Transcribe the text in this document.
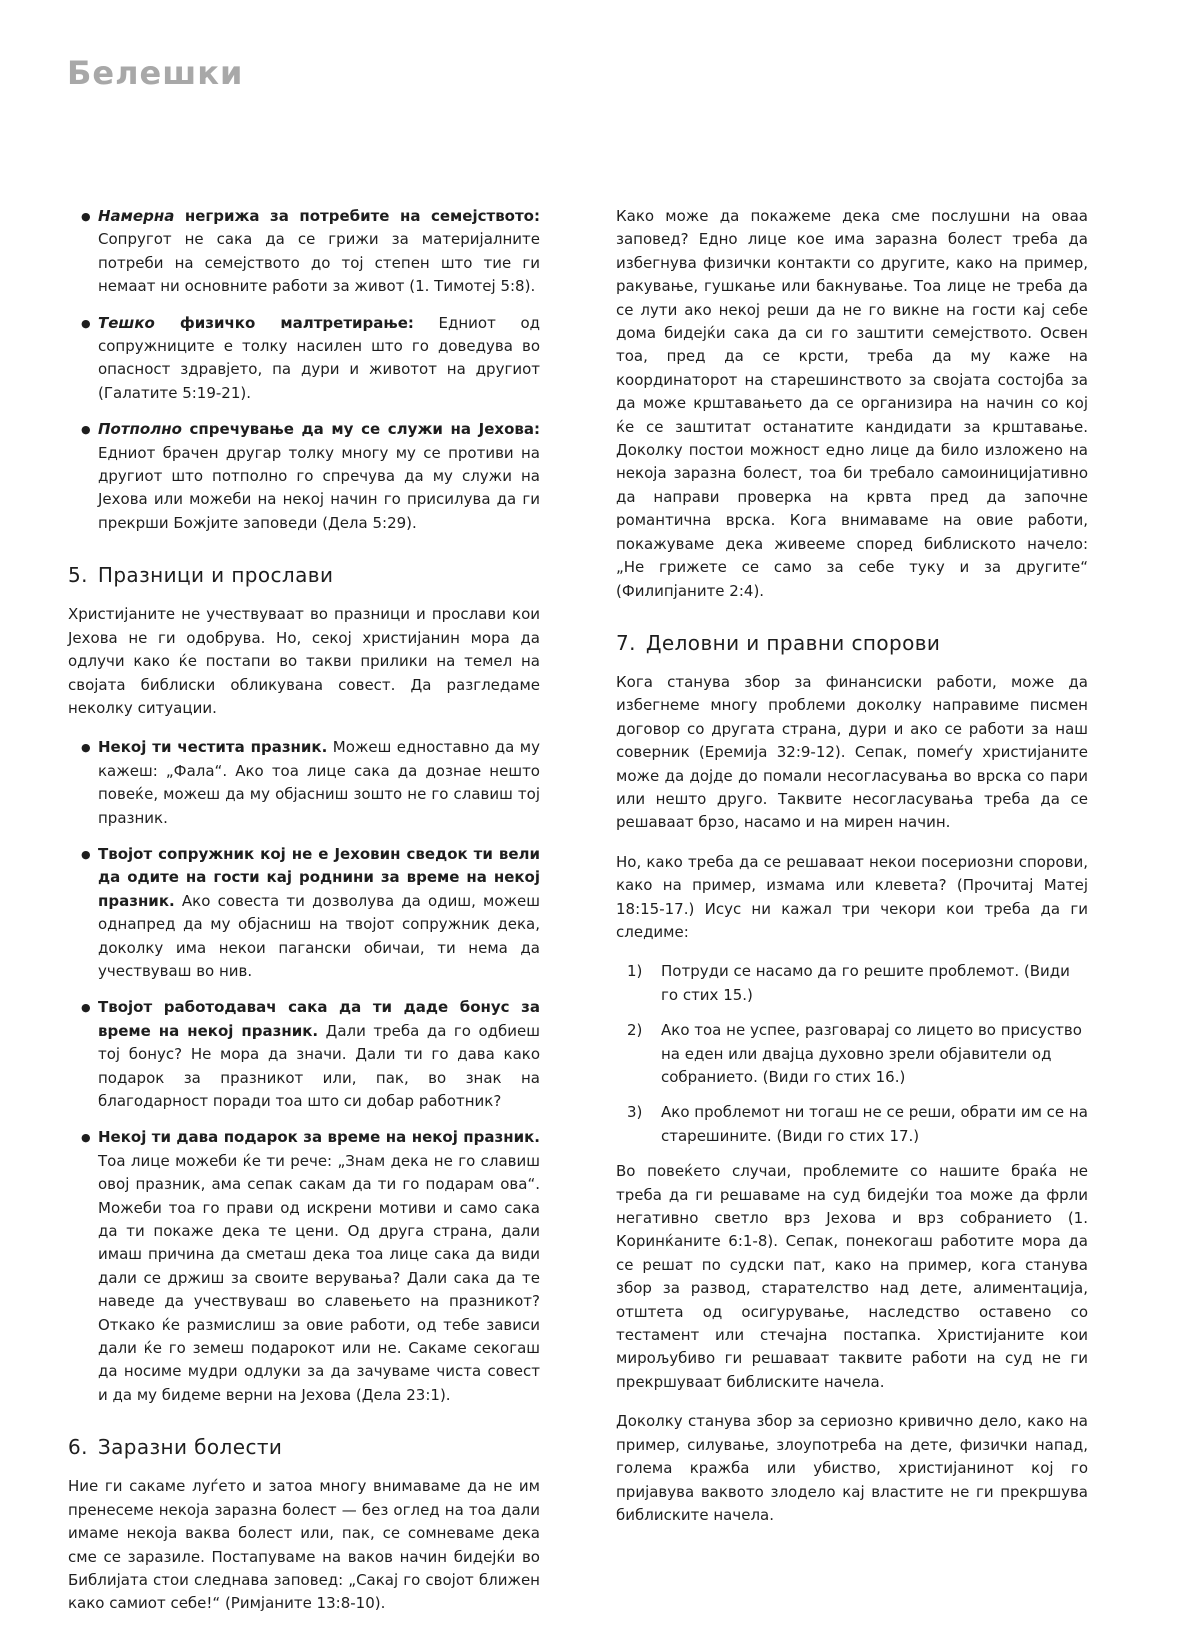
Белешки
● Намерна негрижа за потребите на семејството: Сопругот не сака да се грижи за материјалните потреби на семејството до тој степен што тие ги немаат ни основните работи за живот (1. Тимотеј 5:8).
● Тешко физичко малтретирање: Едниот од сопружниците е толку насилен што го доведува во опасност здравјето, па дури и животот на другиот (Галатите 5:19-21).
● Потполно спречување да му се служи на Јехова: Едниот брачен другар толку многу му се противи на другиот што потполно го спречува да му служи на Јехова или можеби на некој начин го присилува да ги прекрши Божјите заповеди (Дела 5:29).
5. Празници и прослави

Христијаните не учествуваат во празници и прослави кои Јехова не ги одобрува. Но, секој христијанин мора да одлучи како ќе постапи во такви прилики на темел на својата библиски обликувана совест. Да разгледаме неколку ситуации.

● Некој ти честита празник. Можеш едноставно да му кажеш: „Фала“. Ако тоа лице сака да дознае нешто повеќе, можеш да му објасниш зошто не го славиш тој празник.
● Твојот сопружник кој не е Јеховин сведок ти вели да одите на гости кај роднини за време на некој празник. Ако совеста ти дозволува да одиш, можеш однапред да му објасниш на твојот сопружник дека, доколку има некои пагански обичаи, ти нема да учествуваш во нив.
● Твојот работодавач сака да ти даде бонус за време на некој празник. Дали треба да го одбиеш тој бонус? Не мора да значи. Дали ти го дава како подарок за празникот или, пак, во знак на благодарност поради тоа што си добар работник?
● Некој ти дава подарок за време на некој празник. Тоа лице можеби ќе ти рече: „Знам дека не го славиш овој празник, ама сепак сакам да ти го подарам ова“. Можеби тоа го прави од искрени мотиви и само сака да ти покаже дека те цени. Од друга страна, дали имаш причина да сметаш дека тоа лице сака да види дали се држиш за своите верувања? Дали сака да те наведе да учествуваш во славењето на празникот? Откако ќе размислиш за овие работи, од тебе зависи дали ќе го земеш подарокот или не. Сакаме секогаш да носиме мудри одлуки за да зачуваме чиста совест и да му бидеме верни на Јехова (Дела 23:1).
6. Заразни болести

Ние ги сакаме луѓето и затоа многу внимаваме да не им пренесеме некоја заразна болест — без оглед на тоа дали имаме некоја ваква болест или, пак, се сомневаме дека сме се заразиле. Постапуваме на ваков начин бидејќи во Библијата стои следнава заповед: „Сакај го својот ближен како самиот себе!“ (Римјаните 13:8-10).

Како може да покажеме дека сме послушни на оваа заповед? Едно лице кое има заразна болест треба да избегнува физички контакти со другите, како на пример, ракување, гушкање или бакнување. Тоа лице не треба да се лути ако некој реши да не го викне на гости кај себе дома бидејќи сака да си го заштити семејството. Освен тоа, пред да се крсти, треба да му каже на координаторот на старешинството за својата состојба за да може крштавањето да се организира на начин со кој ќе се заштитат останатите кандидати за крштавање. Доколку постои можност едно лице да било изложено на некоја заразна болест, тоа би требало самоиницијативно да направи проверка на крвта пред да започне романтична врска. Кога внимаваме на овие работи, покажуваме дека живееме според библиското начело: „Не грижете се само за себе туку и за другите“ (Филипјаните 2:4).

7. Деловни и правни спорови

Кога станува збор за финансиски работи, може да избегнеме многу проблеми доколку направиме писмен договор со другата страна, дури и ако се работи за наш соверник (Еремија 32:9-12). Сепак, помеѓу христијаните може да дојде до помали несогласувања во врска со пари или нешто друго. Таквите несогласувања треба да се решаваат брзо, насамо и на мирен начин.

Но, како треба да се решаваат некои посериозни спорови, како на пример, измама или клевета? (Прочитај Матеј 18:15-17.) Исус ни кажал три чекори кои треба да ги следиме:

1)	Потруди се насамо да го решите проблемот. (Види го стих 15.)
2)	Ако тоа не успее, разговарај со лицето во присуство на еден или двајца духовно зрели објавители од собранието. (Види го стих 16.)
3)	Ако проблемот ни тогаш не се реши, обрати им се на старешините. (Види го стих 17.)

Во повеќето случаи, проблемите со нашите браќа не треба да ги решаваме на суд бидејќи тоа може да фрли негативно светло врз Јехова и врз собранието (1. Коринќаните 6:1-8). Сепак, понекогаш работите мора да се решат по судски пат, како на пример, кога станува збор за развод, старателство над дете, алиментација, отштета од осигурување, наследство оставено со тестамент или стечајна постапка. Христијаните кои мирољубиво ги решаваат таквите работи на суд не ги прекршуваат библиските начела.

Доколку станува збор за сериозно кривично дело, како на пример, силување, злоупотреба на дете, физички напад, голема кражба или убиство, христијанинот кој го пријавува ваквото злодело кај властите не ги прекршува библиските начела.
